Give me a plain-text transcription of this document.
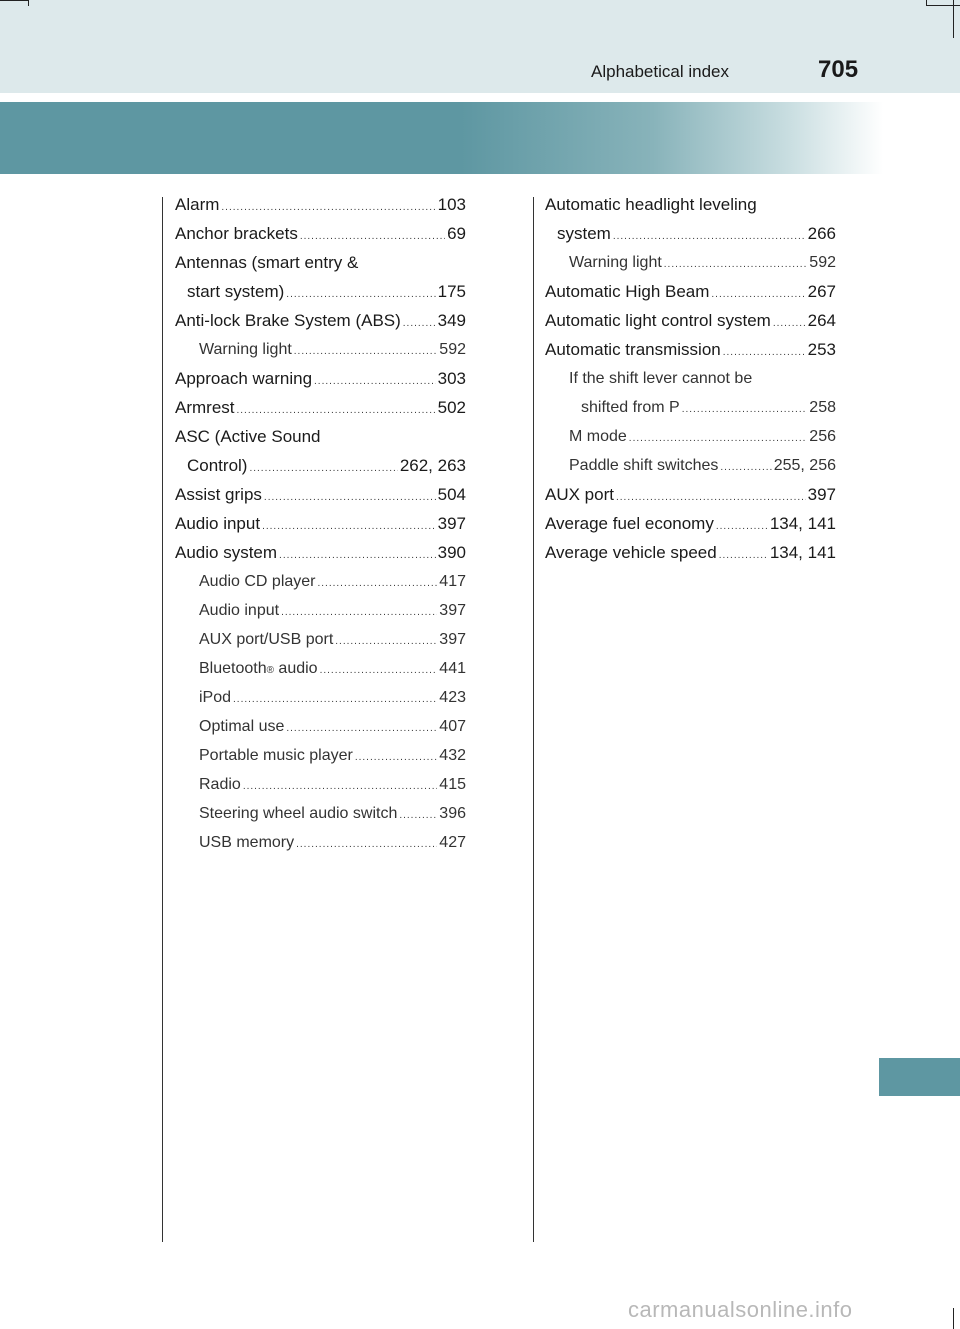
Alphabetical index	705
Alarm .....	103
Anchor brackets .....	69
Antennas (smart entry &
start system) .....	175
Anti-lock Brake System (ABS) ..... 349
Warning light .....	592
Approach warning .....	303
Armrest .....	502
ASC (Active Sound
Control) .....	262, 263
Assist grips .....	504
Audio input .....	397
Audio system .....	390
Audio CD player .....	417
Audio input .....	397
AUX port/USB port .....	397
Bluetooth ® audio .....	441
iPod .....	423
Optimal use .....	407
Portable music player .....	432
Radio .....	415
Steering wheel audio switch .....	396
USB memory .....	427
Automatic headlight leveling
system .....	266
Warning light .....	592
Automatic High Beam .....	267
Automatic light control system ..... 264
Automatic transmission .....	253
If the shift lever cannot be
shifted from P .....	258
M mode .....	256
Paddle shift switches .....	255, 256
AUX port .....	397
Average fuel economy .....	134, 141
Average vehicle speed .....	134, 141
carmanualsonline.info
